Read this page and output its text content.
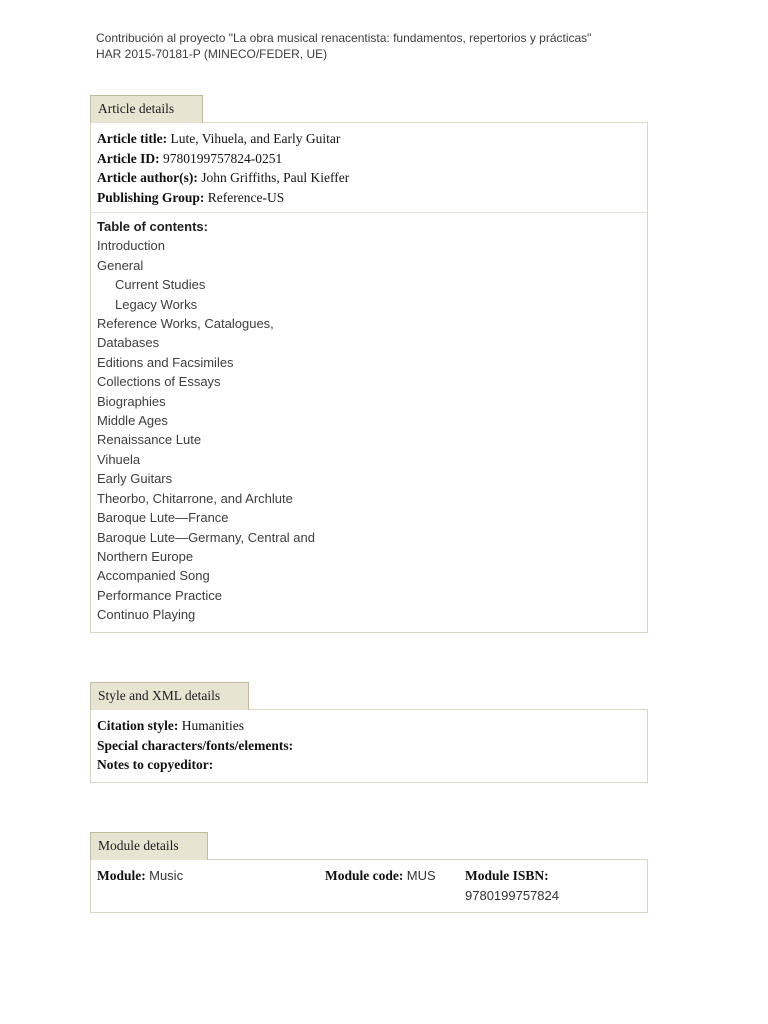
Contribución al proyecto "La obra musical renacentista: fundamentos, repertorios y prácticas"
HAR 2015-70181-P (MINECO/FEDER, UE)
Article details
Article title: Lute, Vihuela, and Early Guitar
Article ID: 9780199757824-0251
Article author(s): John Griffiths, Paul Kieffer
Publishing Group: Reference-US
Table of contents:
Introduction
General
Current Studies
Legacy Works
Reference Works, Catalogues,
Databases
Editions and Facsimiles
Collections of Essays
Biographies
Middle Ages
Renaissance Lute
Vihuela
Early Guitars
Theorbo, Chitarrone, and Archlute
Baroque Lute—France
Baroque Lute—Germany, Central and
Northern Europe
Accompanied Song
Performance Practice
Continuo Playing
Style and XML details
Citation style: Humanities
Special characters/fonts/elements:
Notes to copyeditor:
Module details
Module: Music	Module code: MUS	Module ISBN:
9780199757824
